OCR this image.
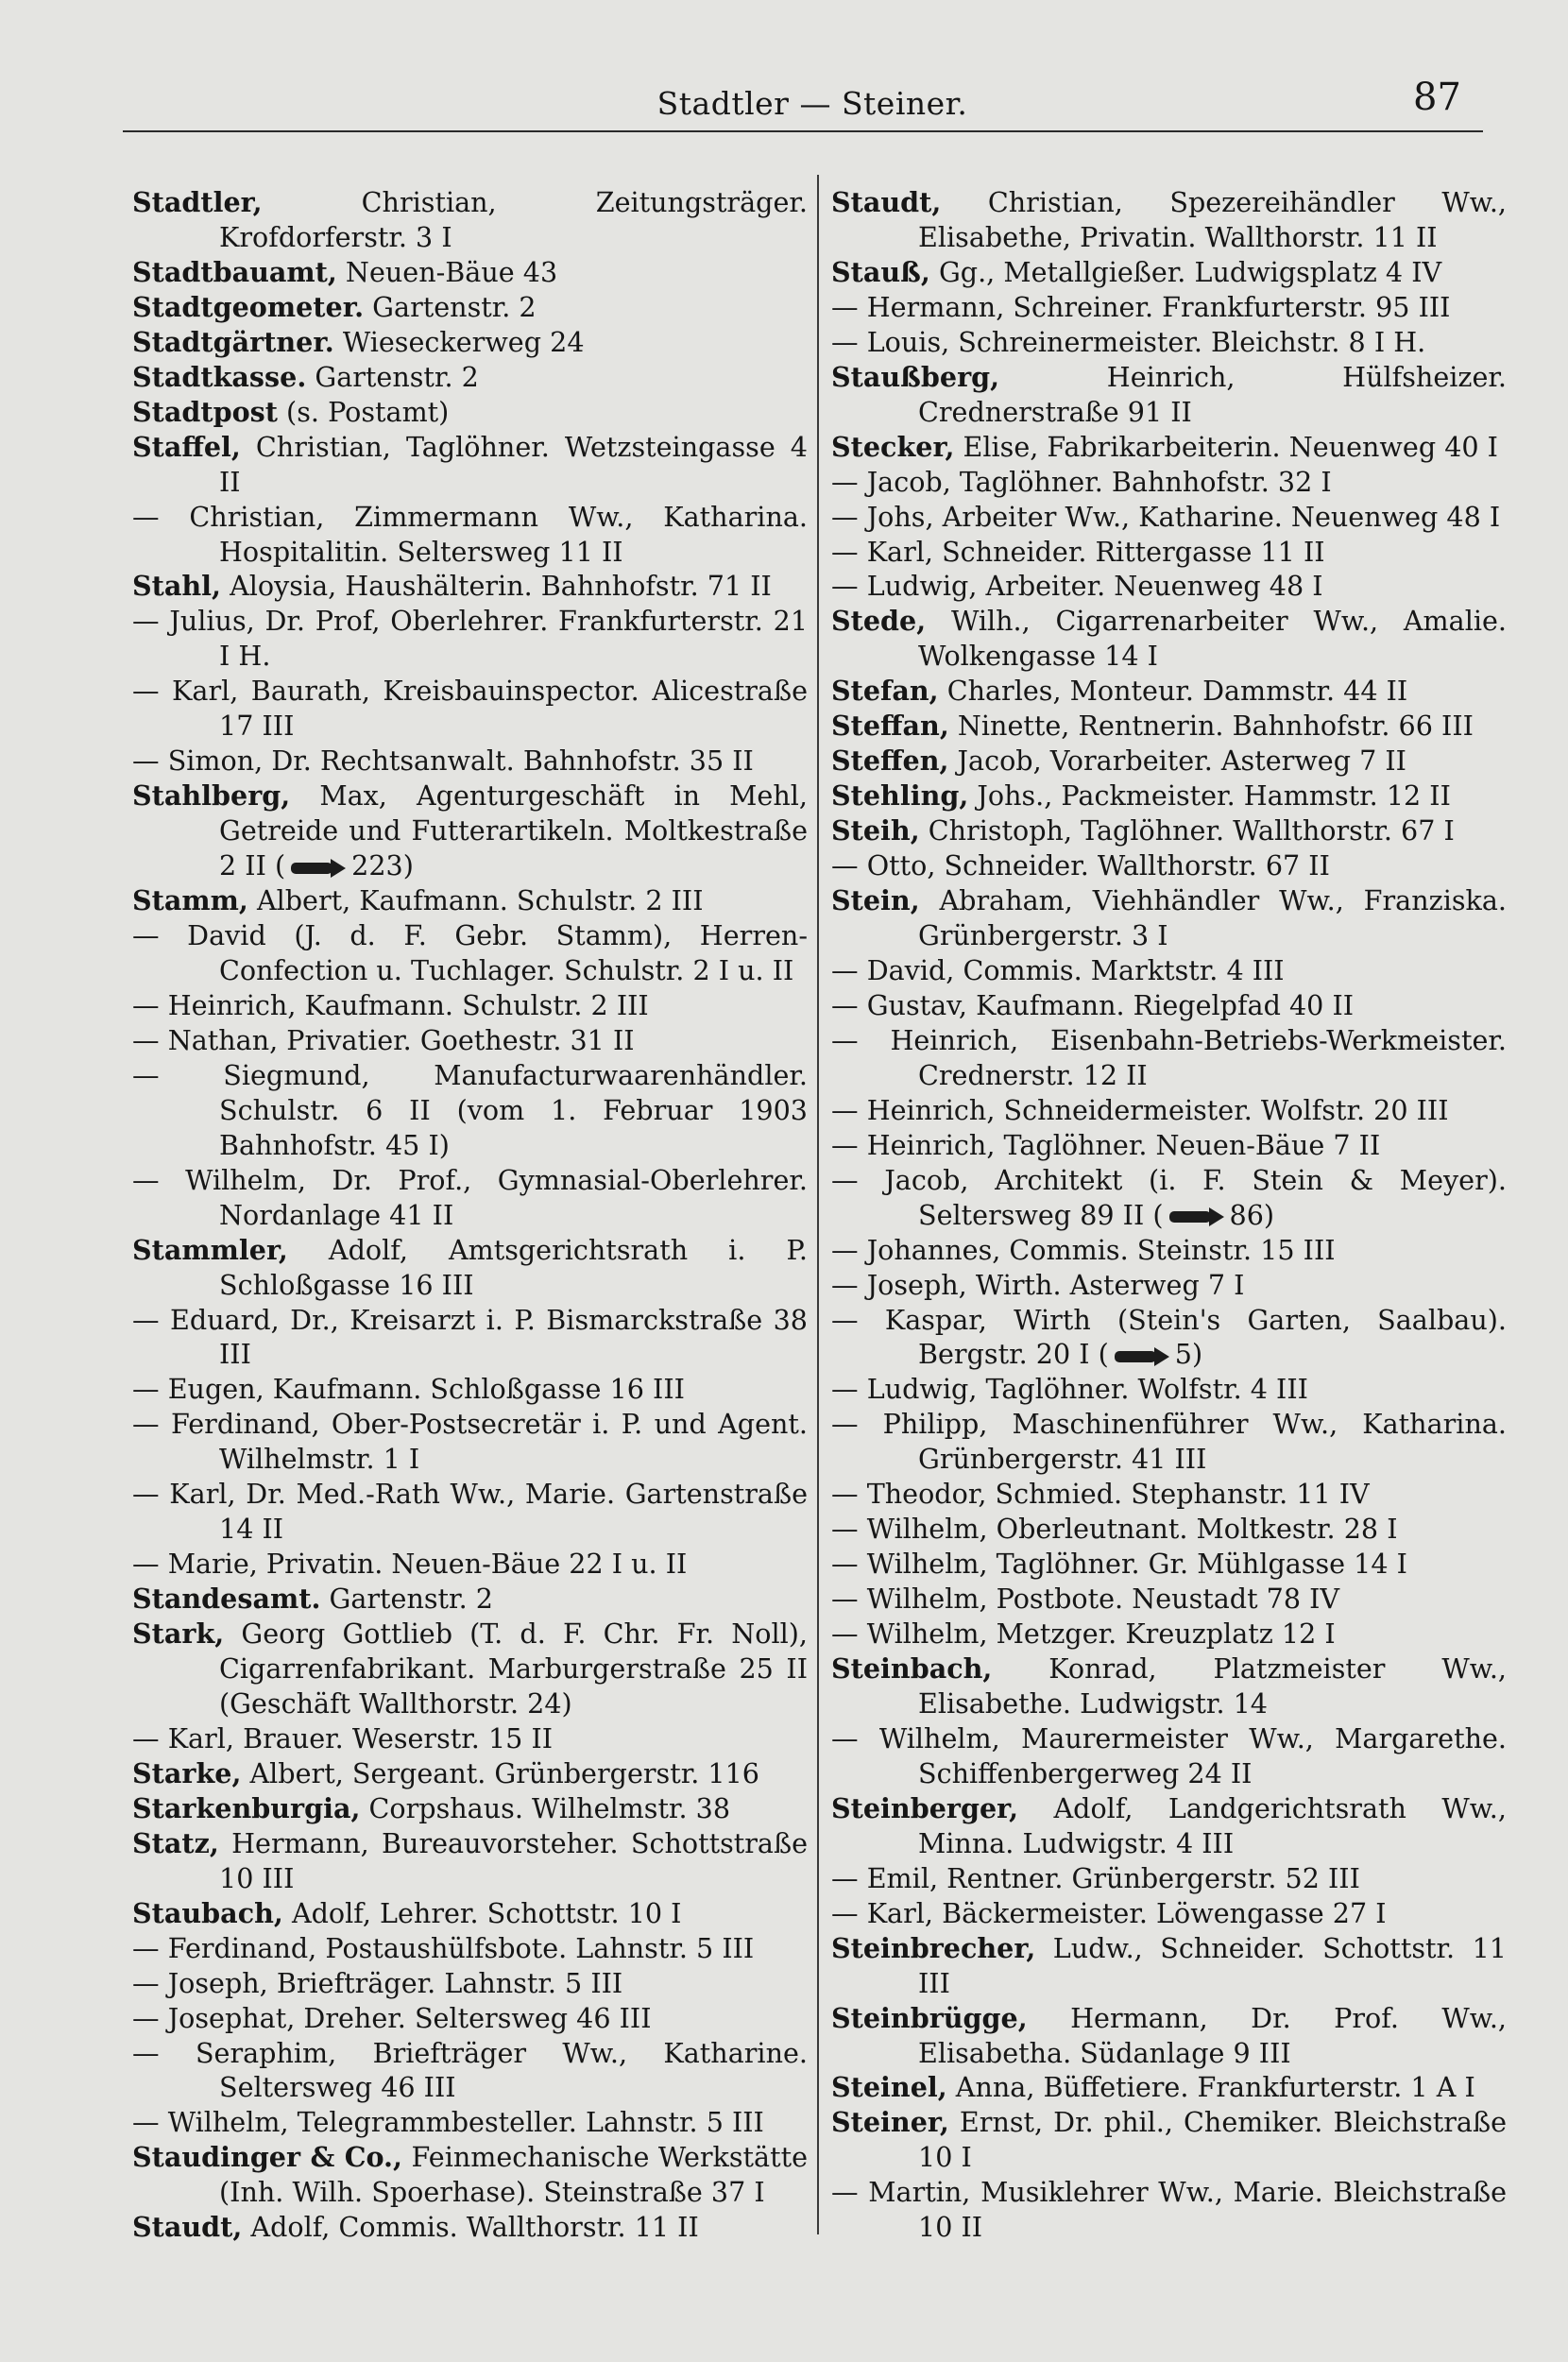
Stadtler — Steiner.	87
Stadtler, Christian, Zeitungsträger. Krofdorferstr. 3 I
Stadtbauamt, Neuen-Bäue 43
Stadtgeometer. Gartenstr. 2
Stadtgärtner. Wieseckerweg 24
Stadtkasse. Gartenstr. 2
Stadtpost (s. Postamt)
Staffel, Christian, Taglöhner. Wetzsteingasse 4 II
— Christian, Zimmermann Ww., Katharina. Hospitalitin. Seltersweg 11 II
Stahl, Aloysia, Haushälterin. Bahnhofstr. 71 II
— Julius, Dr. Prof, Oberlehrer. Frankfurterstr. 21 I H.
— Karl, Baurath, Kreisbauinspector. Alicestraße 17 III
— Simon, Dr. Rechtsanwalt. Bahnhofstr. 35 II
Stahlberg, Max, Agenturgeschäft in Mehl, Getreide und Futterartikeln. Moltkestraße 2 II ( 223)
Stamm, Albert, Kaufmann. Schulstr. 2 III
— David (J. d. F. Gebr. Stamm), Herren-Confection u. Tuchlager. Schulstr. 2 I u. II
— Heinrich, Kaufmann. Schulstr. 2 III
— Nathan, Privatier. Goethestr. 31 II
— Siegmund, Manufacturwaarenhändler. Schulstr. 6 II (vom 1. Februar 1903 Bahnhofstr. 45 I)
— Wilhelm, Dr. Prof., Gymnasial-Oberlehrer. Nordanlage 41 II
Stammler, Adolf, Amtsgerichtsrath i. P. Schloßgasse 16 III
— Eduard, Dr., Kreisarzt i. P. Bismarckstraße 38 III
— Eugen, Kaufmann. Schloßgasse 16 III
— Ferdinand, Ober-Postsecretär i. P. und Agent. Wilhelmstr. 1 I
— Karl, Dr. Med.-Rath Ww., Marie. Gartenstraße 14 II
— Marie, Privatin. Neuen-Bäue 22 I u. II
Standesamt. Gartenstr. 2
Stark, Georg Gottlieb (T. d. F. Chr. Fr. Noll), Cigarrenfabrikant. Marburgerstraße 25 II (Geschäft Wallthorstr. 24)
— Karl, Brauer. Weserstr. 15 II
Starke, Albert, Sergeant. Grünbergerstr. 116
Starkenburgia, Corpshaus. Wilhelmstr. 38
Statz, Hermann, Bureauvorsteher. Schottstraße 10 III
Staubach, Adolf, Lehrer. Schottstr. 10 I
— Ferdinand, Postaushülfsbote. Lahnstr. 5 III
— Joseph, Briefträger. Lahnstr. 5 III
— Josephat, Dreher. Seltersweg 46 III
— Seraphim, Briefträger Ww., Katharine. Seltersweg 46 III
— Wilhelm, Telegrammbesteller. Lahnstr. 5 III
Staudinger & Co., Feinmechanische Werkstätte (Inh. Wilh. Spoerhase). Steinstraße 37 I
Staudt, Adolf, Commis. Wallthorstr. 11 II
Staudt, Christian, Spezereihändler Ww., Elisabethe, Privatin. Wallthorstr. 11 II
Stauß, Gg., Metallgießer. Ludwigsplatz 4 IV
— Hermann, Schreiner. Frankfurterstr. 95 III
— Louis, Schreinermeister. Bleichstr. 8 I H.
Staußberg, Heinrich, Hülfsheizer. Crednerstraße 91 II
Stecker, Elise, Fabrikarbeiterin. Neuenweg 40 I
— Jacob, Taglöhner. Bahnhofstr. 32 I
— Johs, Arbeiter Ww., Katharine. Neuenweg 48 I
— Karl, Schneider. Rittergasse 11 II
— Ludwig, Arbeiter. Neuenweg 48 I
Stede, Wilh., Cigarrenarbeiter Ww., Amalie. Wolkengasse 14 I
Stefan, Charles, Monteur. Dammstr. 44 II
Steffan, Ninette, Rentnerin. Bahnhofstr. 66 III
Steffen, Jacob, Vorarbeiter. Asterweg 7 II
Stehling, Johs., Packmeister. Hammstr. 12 II
Steih, Christoph, Taglöhner. Wallthorstr. 67 I
— Otto, Schneider. Wallthorstr. 67 II
Stein, Abraham, Viehhändler Ww., Franziska. Grünbergerstr. 3 I
— David, Commis. Marktstr. 4 III
— Gustav, Kaufmann. Riegelpfad 40 II
— Heinrich, Eisenbahn-Betriebs-Werkmeister. Crednerstr. 12 II
— Heinrich, Schneidermeister. Wolfstr. 20 III
— Heinrich, Taglöhner. Neuen-Bäue 7 II
— Jacob, Architekt (i. F. Stein & Meyer). Seltersweg 89 II ( 86)
— Johannes, Commis. Steinstr. 15 III
— Joseph, Wirth. Asterweg 7 I
— Kaspar, Wirth (Stein's Garten, Saalbau). Bergstr. 20 I ( 5)
— Ludwig, Taglöhner. Wolfstr. 4 III
— Philipp, Maschinenführer Ww., Katharina. Grünbergerstr. 41 III
— Theodor, Schmied. Stephanstr. 11 IV
— Wilhelm, Oberleutnant. Moltkestr. 28 I
— Wilhelm, Taglöhner. Gr. Mühlgasse 14 I
— Wilhelm, Postbote. Neustadt 78 IV
— Wilhelm, Metzger. Kreuzplatz 12 I
Steinbach, Konrad, Platzmeister Ww., Elisabethe. Ludwigstr. 14
— Wilhelm, Maurermeister Ww., Margarethe. Schiffenbergerweg 24 II
Steinberger, Adolf, Landgerichtsrath Ww., Minna. Ludwigstr. 4 III
— Emil, Rentner. Grünbergerstr. 52 III
— Karl, Bäckermeister. Löwengasse 27 I
Steinbrecher, Ludw., Schneider. Schottstr. 11 III
Steinbrügge, Hermann, Dr. Prof. Ww., Elisabetha. Südanlage 9 III
Steinel, Anna, Büffetiere. Frankfurterstr. 1 A I
Steiner, Ernst, Dr. phil., Chemiker. Bleichstraße 10 I
— Martin, Musiklehrer Ww., Marie. Bleichstraße 10 II
